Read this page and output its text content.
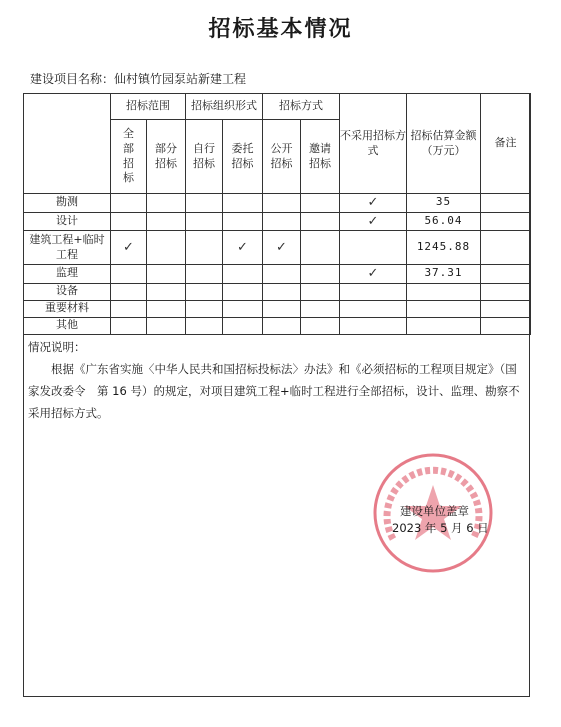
招标基本情况
建设项目名称：仙村镇竹园泵站新建工程
	招标范围		招标组织形式		招标方式		不采用招标方式	招标估算金额（万元）	备注
	全部招标	部分招标	自行招标	委托招标	公开招标	邀请招标			
勘测							✓	35	
设计							✓	56.04	
建筑工程+临时工程	✓			✓	✓			1245.88	
监理							✓	37.31	
设备									
重要材料									
其他									
情况说明：
根据《广东省实施〈中华人民共和国招标投标法〉办法》和《必须招标的工程项目规定》（国家发改委令　第 16 号）的规定，对项目建筑工程+临时工程进行全部招标，设计、监理、勘察不采用招标方式。
建设单位盖章
2023 年 5 月 6 日
